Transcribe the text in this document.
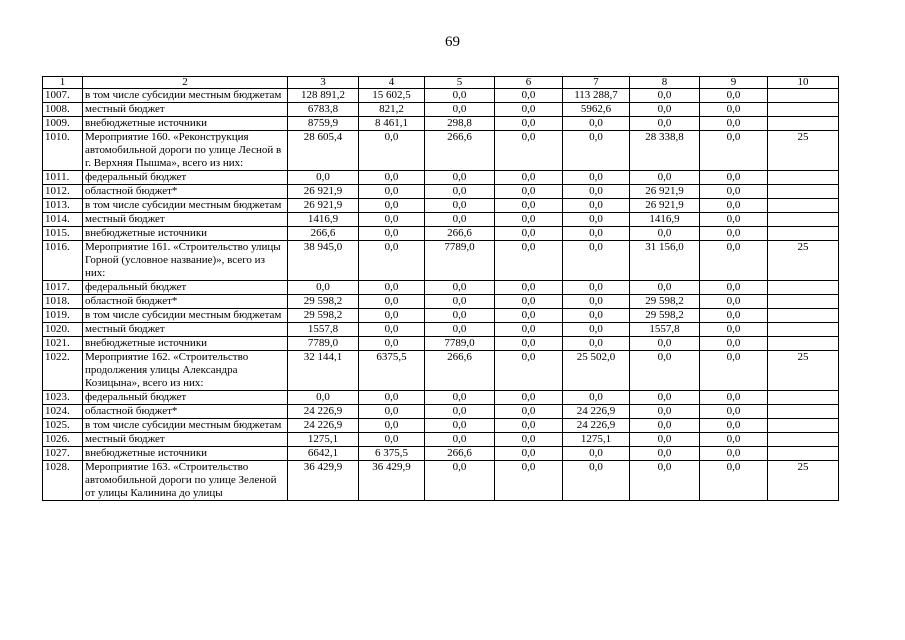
69
1	2	3	4	5	6	7	8	9	10
1007.	в том числе субсидии местным бюджетам	128 891,2	15 602,5	0,0	0,0	113 288,7	0,0	0,0	
1008.	местный бюджет	6783,8	821,2	0,0	0,0	5962,6	0,0	0,0	
1009.	внебюджетные источники	8759,9	8 461,1	298,8	0,0	0,0	0,0	0,0	
1010.	Мероприятие 160. «Реконструкция автомобильной дороги по улице Лесной в г. Верхняя Пышма», всего из них:	28 605,4	0,0	266,6	0,0	0,0	28 338,8	0,0	25
1011.	федеральный бюджет	0,0	0,0	0,0	0,0	0,0	0,0	0,0	
1012.	областной бюджет*	26 921,9	0,0	0,0	0,0	0,0	26 921,9	0,0	
1013.	в том числе субсидии местным бюджетам	26 921,9	0,0	0,0	0,0	0,0	26 921,9	0,0	
1014.	местный бюджет	1416,9	0,0	0,0	0,0	0,0	1416,9	0,0	
1015.	внебюджетные источники	266,6	0,0	266,6	0,0	0,0	0,0	0,0	
1016.	Мероприятие 161. «Строительство улицы Горной (условное название)», всего из них:	38 945,0	0,0	7789,0	0,0	0,0	31 156,0	0,0	25
1017.	федеральный бюджет	0,0	0,0	0,0	0,0	0,0	0,0	0,0	
1018.	областной бюджет*	29 598,2	0,0	0,0	0,0	0,0	29 598,2	0,0	
1019.	в том числе субсидии местным бюджетам	29 598,2	0,0	0,0	0,0	0,0	29 598,2	0,0	
1020.	местный бюджет	1557,8	0,0	0,0	0,0	0,0	1557,8	0,0	
1021.	внебюджетные источники	7789,0	0,0	7789,0	0,0	0,0	0,0	0,0	
1022.	Мероприятие 162. «Строительство продолжения улицы Александра Козицына», всего из них:	32 144,1	6375,5	266,6	0,0	25 502,0	0,0	0,0	25
1023.	федеральный бюджет	0,0	0,0	0,0	0,0	0,0	0,0	0,0	
1024.	областной бюджет*	24 226,9	0,0	0,0	0,0	24 226,9	0,0	0,0	
1025.	в том числе субсидии местным бюджетам	24 226,9	0,0	0,0	0,0	24 226,9	0,0	0,0	
1026.	местный бюджет	1275,1	0,0	0,0	0,0	1275,1	0,0	0,0	
1027.	внебюджетные источники	6642,1	6 375,5	266,6	0,0	0,0	0,0	0,0	
1028.	Мероприятие 163. «Строительство автомобильной дороги по улице Зеленой от улицы Калинина до улицы	36 429,9	36 429,9	0,0	0,0	0,0	0,0	0,0	25
